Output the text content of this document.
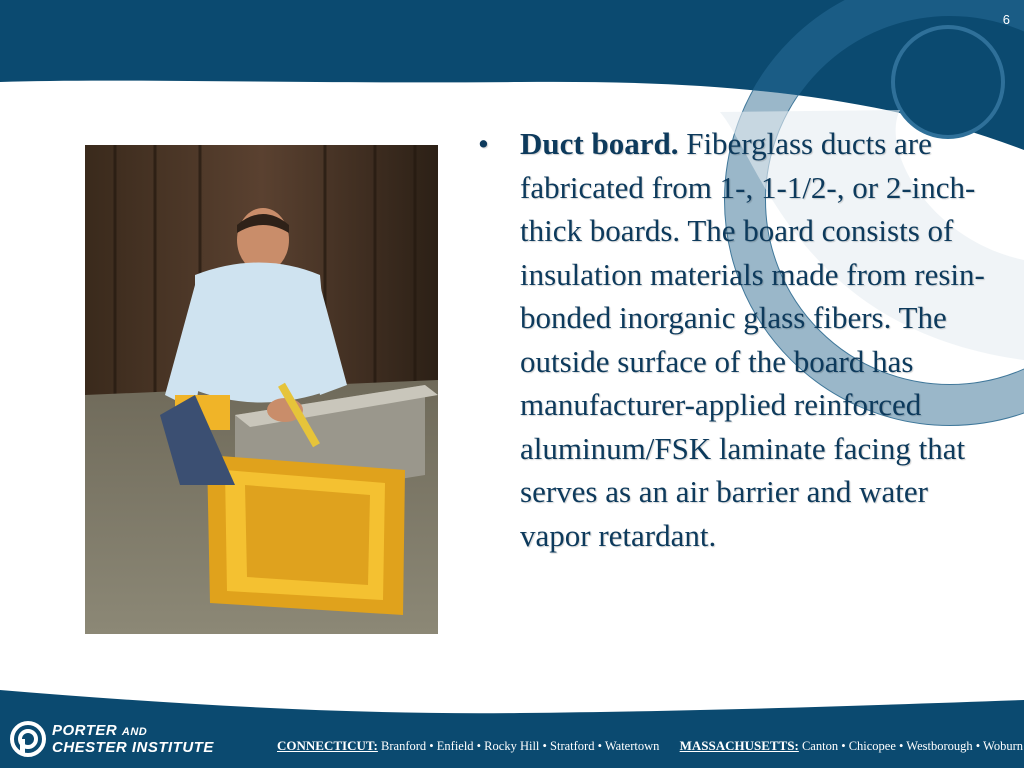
6
•	Duct board. Fiberglass ducts are fabricated from 1-, 1-1/2-, or 2-inch-thick boards. The board consists of insulation materials made from resin-bonded inorganic glass fibers. The outside surface of the board has manufacturer-applied reinforced aluminum/FSK laminate facing that serves as an air barrier and water vapor retardant.
PORTER AND
CHESTER INSTITUTE	CONNECTICUT: Branford • Enfield • Rocky Hill • Stratford • Watertown MASSACHUSETTS: Canton • Chicopee • Westborough • Woburn
